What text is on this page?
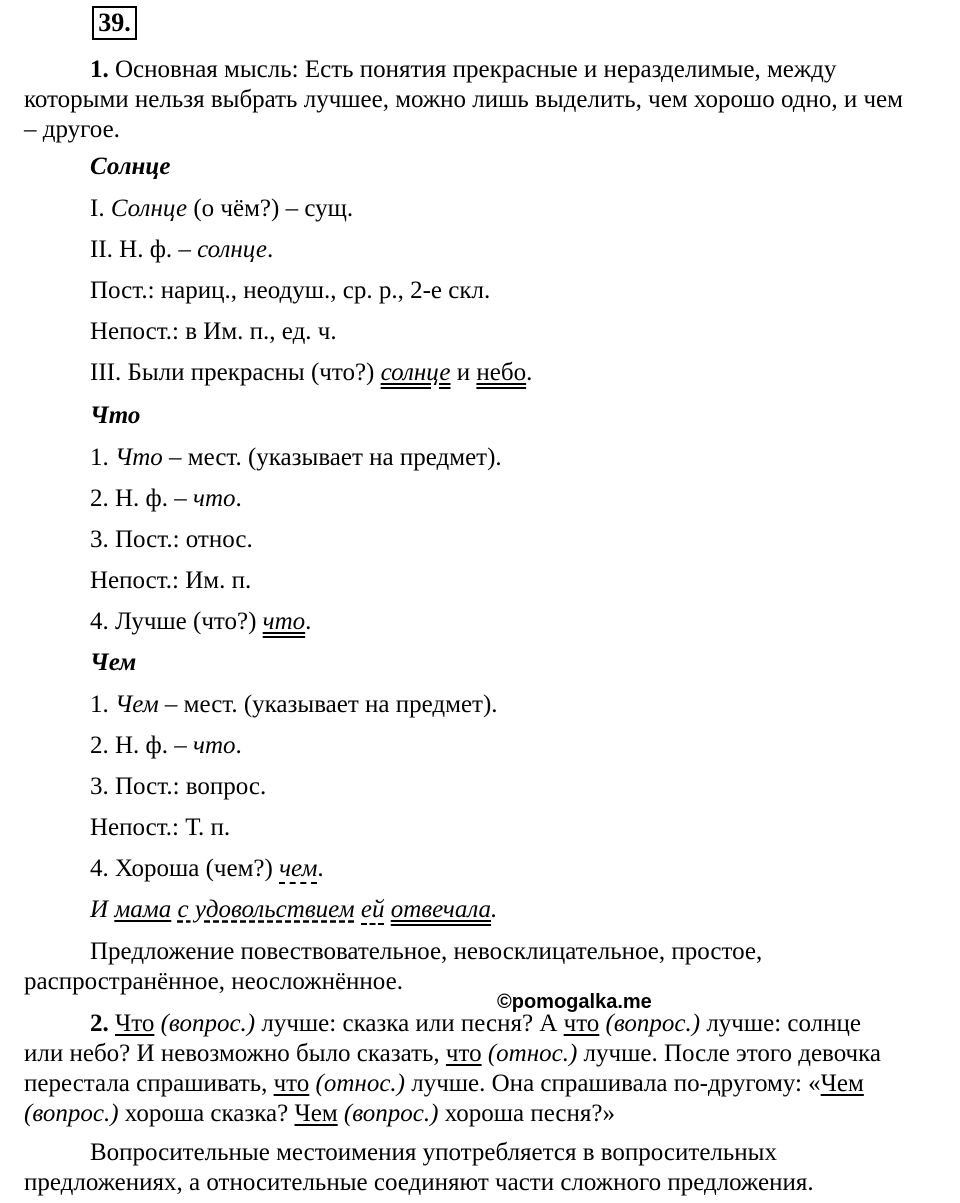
39.
1. Основная мысль: Есть понятия прекрасные и неразделимые, между которыми нельзя выбрать лучшее, можно лишь выделить, чем хорошо одно, и чем – другое.
Солнце
I. Солнце (о чём?) – сущ.
II. Н. ф. – солнце.
Пост.: нариц., неодуш., ср. р., 2-е скл.
Непост.: в Им. п., ед. ч.
III. Были прекрасны (что?) солнце и небо.
Что
1. Что – мест. (указывает на предмет).
2. Н. ф. – что.
3. Пост.: относ.
Непост.: Им. п.
4. Лучше (что?) что.
Чем
1. Чем – мест. (указывает на предмет).
2. Н. ф. – что.
3. Пост.: вопрос.
Непост.: Т. п.
4. Хороша (чем?) чем.
И мама с удовольствием ей отвечала.
Предложение повествовательное, невосклицательное, простое, распространённое, неосложнённое.
©pomogalka.me
2. Что (вопрос.) лучше: сказка или песня? А что (вопрос.) лучше: солнце или небо? И невозможно было сказать, что (относ.) лучше. После этого девочка перестала спрашивать, что (относ.) лучше. Она спрашивала по-другому: «Чем (вопрос.) хороша сказка? Чем (вопрос.) хороша песня?»
Вопросительные местоимения употребляется в вопросительных предложениях, а относительные соединяют части сложного предложения.
